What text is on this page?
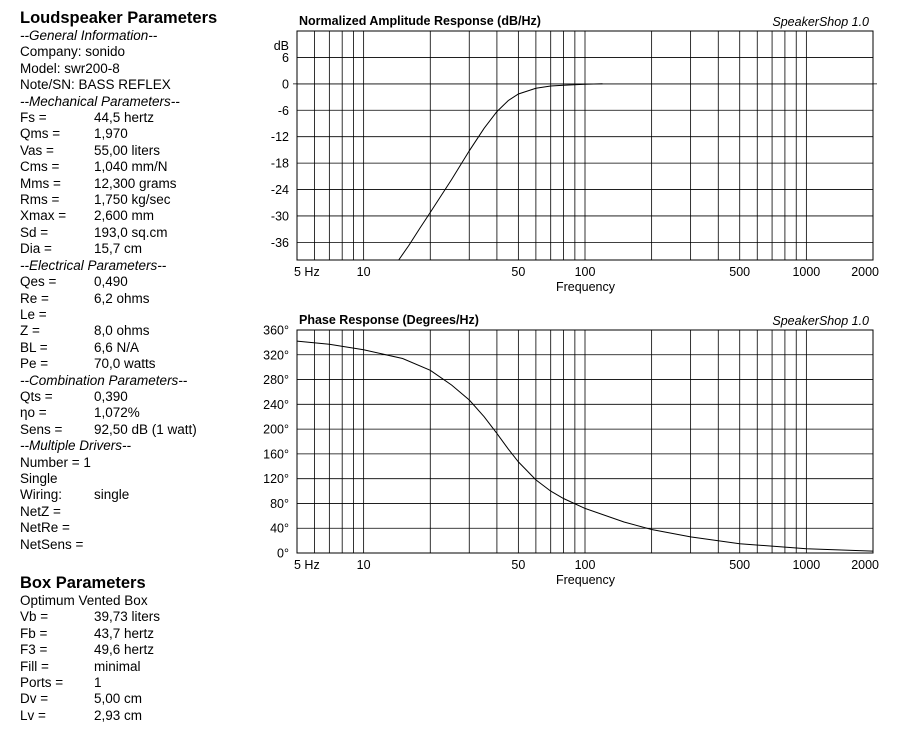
Loudspeaker Parameters
--General Information--
Company: sonido
Model: swr200-8
Note/SN: BASS REFLEX
--Mechanical Parameters--
Fs =	44,5 hertz
Qms =	1,970
Vas =	55,00 liters
Cms =	1,040 mm/N
Mms = 12,300 grams
Rms =	1,750 kg/sec
Xmax = 2,600 mm
Sd =	193,0 sq.cm
Dia =	15,7 cm
--Electrical Parameters--
Qes =	0,490
Re =	6,2 ohms
Le =
Z =	8,0 ohms
BL =	6,6 N/A
Pe =	70,0 watts
--Combination Parameters--
Qts =	0,390
ηo =	1,072%
Sens = 92,50 dB (1 watt)
--Multiple Drivers--
Number = 1
Single
Wiring: single
NetZ =
NetRe =
NetSens =
Box Parameters
Optimum Vented Box
Vb =	39,73 liters
Fb =	43,7 hertz
F3 =	49,6 hertz
Fill =	minimal
Ports = 1
Dv =	5,00 cm
Lv =	2,93 cm
Normalized Amplitude Response (dB/Hz)	SpeakerShop 1.0
6
0
-6
-12
-18
-24
-30
-36
dB
5 Hz	10	50	100	500	1000 2000
Frequency
Phase Response (Degrees/Hz)	SpeakerShop 1.0
360°
320°
280°
240°
200°
160°
120°
80°
40°
0°
5 Hz	10	50	100	500	1000 2000
Frequency
